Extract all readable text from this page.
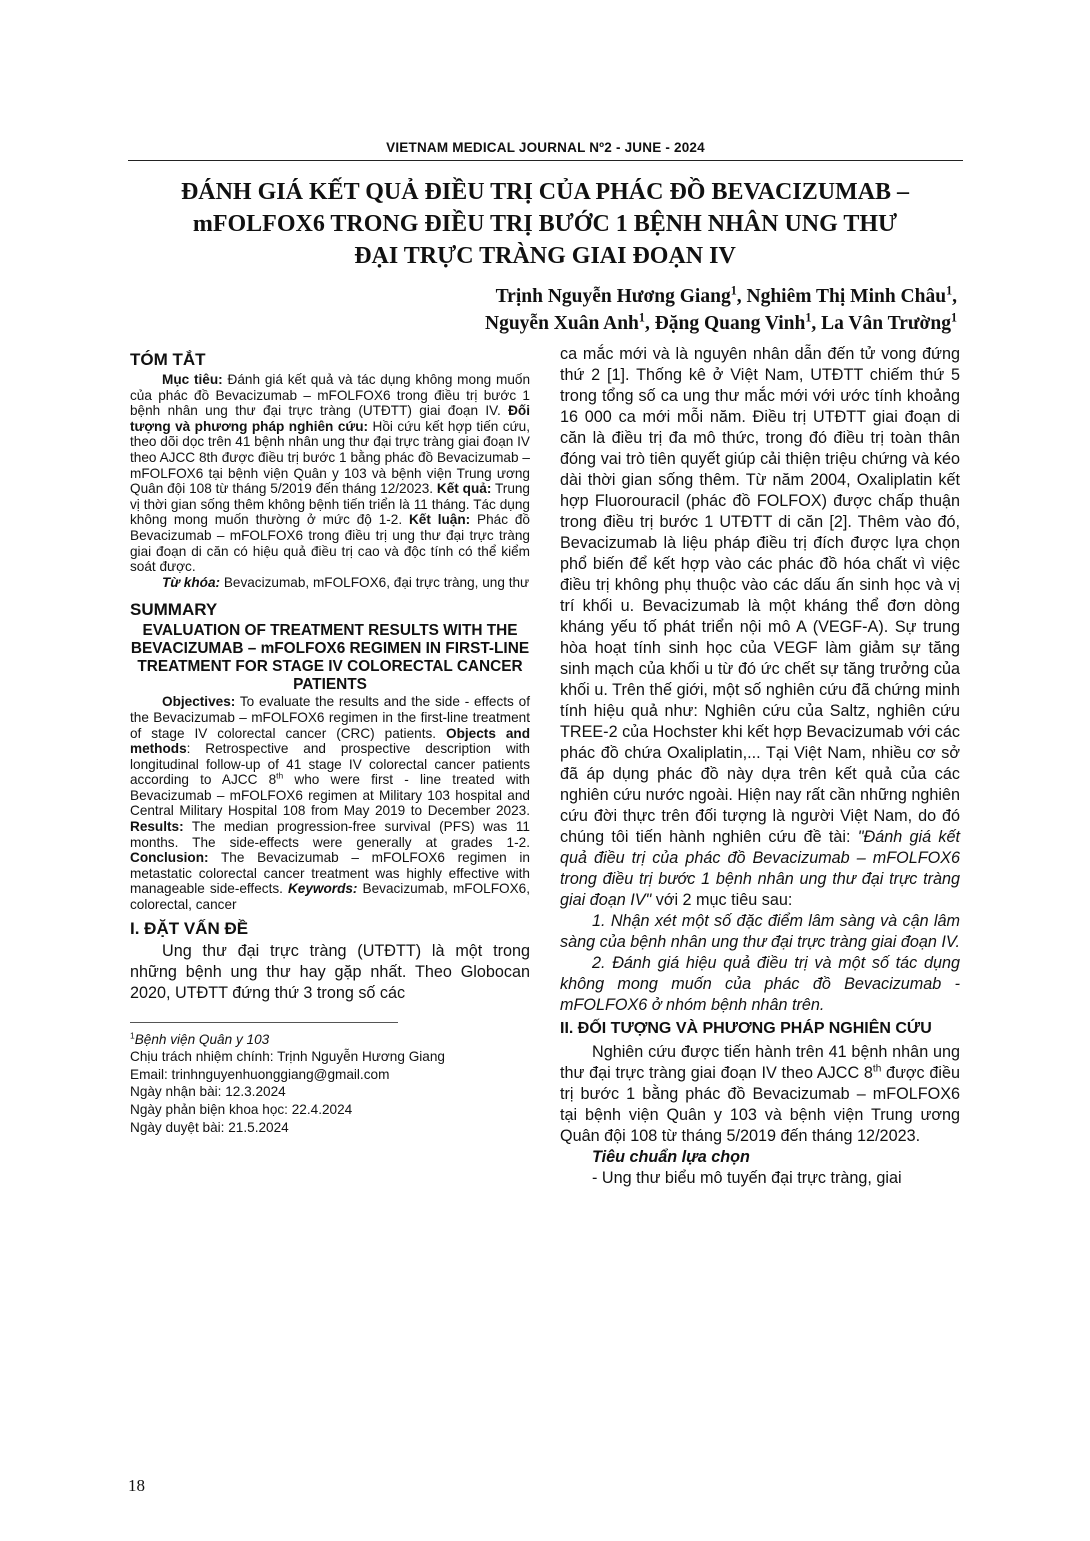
VIETNAM MEDICAL JOURNAL Nº2 - JUNE - 2024
ĐÁNH GIÁ KẾT QUẢ ĐIỀU TRỊ CỦA PHÁC ĐỒ BEVACIZUMAB –
mFOLFOX6 TRONG ĐIỀU TRỊ BƯỚC 1 BỆNH NHÂN UNG THƯ
ĐẠI TRỰC TRÀNG GIAI ĐOẠN IV
Trịnh Nguyễn Hương Giang$^1$, Nghiêm Thị Minh Châu$^1$,
Nguyễn Xuân Anh$^1$, Đặng Quang Vinh$^1$, La Vân Trường$^1$
TÓM TẮT

Mục tiêu: Đánh giá kết quả và tác dụng không mong muốn của phác đồ Bevacizumab – mFOLFOX6 trong điều trị bước 1 bệnh nhân ung thư đại trực tràng (UTĐTT) giai đoạn IV. Đối tượng và phương pháp nghiên cứu: Hồi cứu kết hợp tiến cứu, theo dõi dọc trên 41 bệnh nhân ung thư đại trực tràng giai đoạn IV theo AJCC 8th được điều trị bước 1 bằng phác đồ Bevacizumab – mFOLFOX6 tại bệnh viện Quân y 103 và bệnh viện Trung ương Quân đội 108 từ tháng 5/2019 đến tháng 12/2023. Kết quả: Trung vị thời gian sống thêm không bệnh tiến triển là 11 tháng. Tác dụng không mong muốn thường ở mức độ 1-2. Kết luận: Phác đồ Bevacizumab – mFOLFOX6 trong điều trị ung thư đại trực tràng giai đoạn di căn có hiệu quả điều trị cao và độc tính có thể kiểm soát được.

Từ khóa: Bevacizumab, mFOLFOX6, đại trực tràng, ung thư

SUMMARY
EVALUATION OF TREATMENT RESULTS WITH THE BEVACIZUMAB – mFOLFOX6 REGIMEN IN FIRST-LINE TREATMENT FOR STAGE IV COLORECTAL CANCER PATIENTS

Objectives: To evaluate the results and the side - effects of the Bevacizumab – mFOLFOX6 regimen in the first-line treatment of stage IV colorectal cancer (CRC) patients. Objects and methods: Retrospective and prospective description with longitudinal follow-up of 41 stage IV colorectal cancer patients according to AJCC 8th who were first - line treated with Bevacizumab – mFOLFOX6 regimen at Military 103 hospital and Central Military Hospital 108 from May 2019 to December 2023. Results: The median progression-free survival (PFS) was 11 months. The side-effects were generally at grades 1-2. Conclusion: The Bevacizumab – mFOLFOX6 regimen in metastatic colorectal cancer treatment was highly effective with manageable side-effects. Keywords: Bevacizumab, mFOLFOX6, colorectal, cancer

I. ĐẶT VẤN ĐỀ

Ung thư đại trực tràng (UTĐTT) là một trong những bệnh ung thư hay gặp nhất. Theo Globocan 2020, UTĐTT đứng thứ 3 trong số các

$^1$Bệnh viện Quân y 103

Chịu trách nhiệm chính: Trịnh Nguyễn Hương Giang

Email: trinhnguyenhuonggiang@gmail.com

Ngày nhận bài: 12.3.2024

Ngày phản biện khoa học: 22.4.2024

Ngày duyệt bài: 21.5.2024

ca mắc mới và là nguyên nhân dẫn đến tử vong đứng thứ 2 [1]. Thống kê ở Việt Nam, UTĐTT chiếm thứ 5 trong tổng số ca ung thư mắc mới với ước tính khoảng 16 000 ca mới mỗi năm. Điều trị UTĐTT giai đoạn di căn là điều trị đa mô thức, trong đó điều trị toàn thân đóng vai trò tiên quyết giúp cải thiện triệu chứng và kéo dài thời gian sống thêm. Từ năm 2004, Oxaliplatin kết hợp Fluorouracil (phác đồ FOLFOX) được chấp thuận trong điều trị bước 1 UTĐTT di căn [2]. Thêm vào đó, Bevacizumab là liệu pháp điều trị đích được lựa chọn phổ biến để kết hợp vào các phác đồ hóa chất vì việc điều trị không phụ thuộc vào các dấu ấn sinh học và vị trí khối u. Bevacizumab là một kháng thể đơn dòng kháng yếu tố phát triển nội mô A (VEGF-A). Sự trung hòa hoạt tính sinh học của VEGF làm giảm sự tăng sinh mạch của khối u từ đó ức chết sự tăng trưởng của khối u. Trên thế giới, một số nghiên cứu đã chứng minh tính hiệu quả như: Nghiên cứu của Saltz, nghiên cứu TREE-2 của Hochster khi kết hợp Bevacizumab với các phác đồ chứa Oxaliplatin,... Tại Việt Nam, nhiều cơ sở đã áp dụng phác đồ này dựa trên kết quả của các nghiên cứu nước ngoài. Hiện nay rất cần những nghiên cứu đời thực trên đối tượng là người Việt Nam, do đó chúng tôi tiến hành nghiên cứu đề tài: "Đánh giá kết quả điều trị của phác đồ Bevacizumab – mFOLFOX6 trong điều trị bước 1 bệnh nhân ung thư đại trực tràng giai đoạn IV" với 2 mục tiêu sau:

1. Nhận xét một số đặc điểm lâm sàng và cận lâm sàng của bệnh nhân ung thư đại trực tràng giai đoạn IV.

2. Đánh giá hiệu quả điều trị và một số tác dụng không mong muốn của phác đồ Bevacizumab - mFOLFOX6 ở nhóm bệnh nhân trên.

II. ĐỐI TƯỢNG VÀ PHƯƠNG PHÁP NGHIÊN CỨU

Nghiên cứu được tiến hành trên 41 bệnh nhân ung thư đại trực tràng giai đoạn IV theo AJCC 8th được điều trị bước 1 bằng phác đồ Bevacizumab – mFOLFOX6 tại bệnh viện Quân y 103 và bệnh viện Trung ương Quân đội 108 từ tháng 5/2019 đến tháng 12/2023.

Tiêu chuẩn lựa chọn

- Ung thư biểu mô tuyến đại trực tràng, giai

18
